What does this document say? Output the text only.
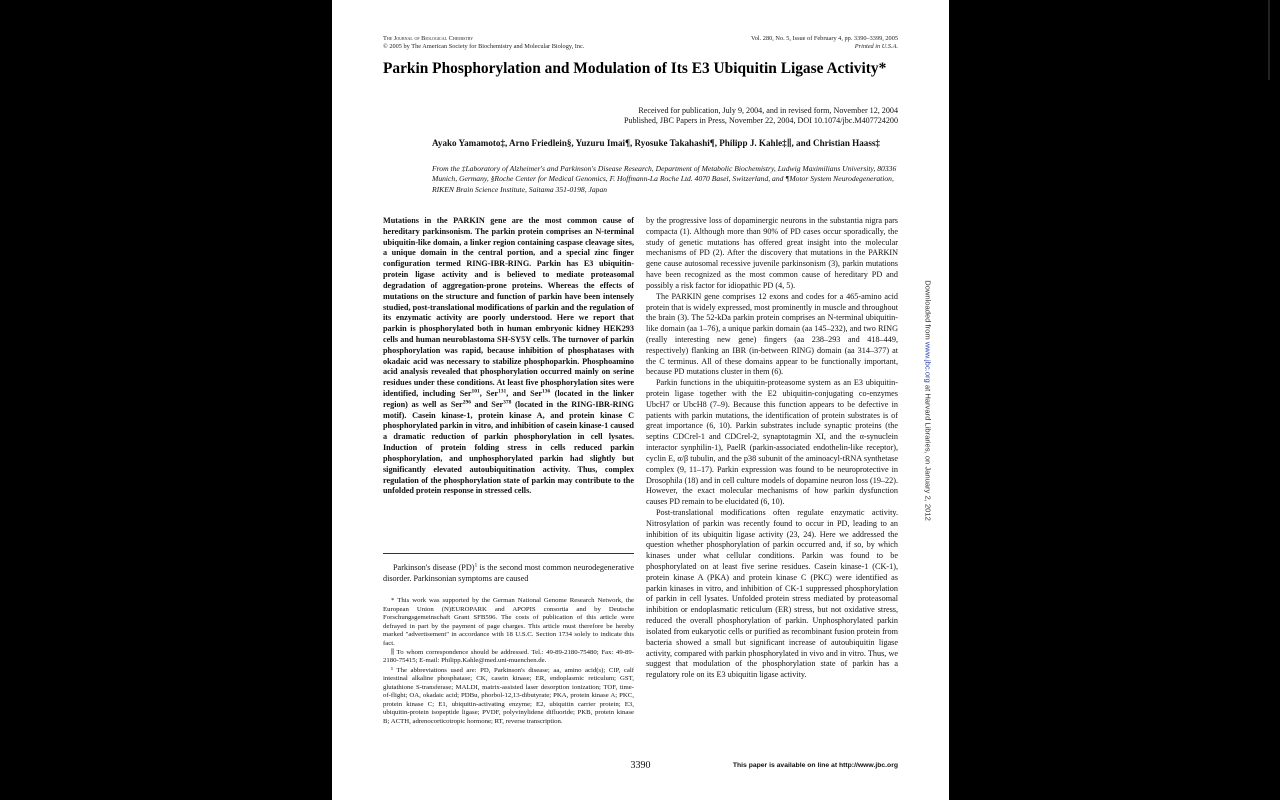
The Journal of Biological Chemistry
© 2005 by The American Society for Biochemistry and Molecular Biology, Inc.
Vol. 280, No. 5, Issue of February 4, pp. 3390–3399, 2005
Printed in U.S.A.
Parkin Phosphorylation and Modulation of Its E3 Ubiquitin Ligase Activity*
Received for publication, July 9, 2004, and in revised form, November 12, 2004
Published, JBC Papers in Press, November 22, 2004, DOI 10.1074/jbc.M407724200
Ayako Yamamoto‡, Arno Friedlein§, Yuzuru Imai¶, Ryosuke Takahashi¶, Philipp J. Kahle‡∥, and Christian Haass‡
From the ‡Laboratory of Alzheimer's and Parkinson's Disease Research, Department of Metabolic Biochemistry, Ludwig Maximilians University, 80336 Munich, Germany, §Roche Center for Medical Genomics, F. Hoffmann-La Roche Ltd. 4070 Basel, Switzerland, and ¶Motor System Neurodegeneration, RIKEN Brain Science Institute, Saitama 351-0198, Japan
Mutations in the PARKIN gene are the most common cause of hereditary parkinsonism. The parkin protein comprises an N-terminal ubiquitin-like domain, a linker region containing caspase cleavage sites, a unique domain in the central portion, and a special zinc finger configuration termed RING-IBR-RING. Parkin has E3 ubiquitin-protein ligase activity and is believed to mediate proteasomal degradation of aggregation-prone proteins. Whereas the effects of mutations on the structure and function of parkin have been intensely studied, post-translational modifications of parkin and the regulation of its enzymatic activity are poorly understood. Here we report that parkin is phosphorylated both in human embryonic kidney HEK293 cells and human neuroblastoma SH-SY5Y cells. The turnover of parkin phosphorylation was rapid, because inhibition of phosphatases with okadaic acid was necessary to stabilize phosphoparkin. Phosphoamino acid analysis revealed that phosphorylation occurred mainly on serine residues under these conditions. At least five phosphorylation sites were identified, including Ser$^{101}$, Ser$^{131}$, and Ser$^{136}$ (located in the linker region) as well as Ser$^{296}$ and Ser$^{378}$ (located in the RING-IBR-RING motif). Casein kinase-1, protein kinase A, and protein kinase C phosphorylated parkin in vitro, and inhibition of casein kinase-1 caused a dramatic reduction of parkin phosphorylation in cell lysates. Induction of protein folding stress in cells reduced parkin phosphorylation, and unphosphorylated parkin had slightly but significantly elevated autoubiquitination activity. Thus, complex regulation of the phosphorylation state of parkin may contribute to the unfolded protein response in stressed cells.
Parkinson's disease (PD)$^1$ is the second most common neurodegenerative disorder. Parkinsonian symptoms are caused

* This work was supported by the German National Genome Research Network, the European Union (N)EUROPARK and APOPIS consortia and by Deutsche Forschungsgemeinschaft Grant SFB596. The costs of publication of this article were defrayed in part by the payment of page charges. This article must therefore be hereby marked "advertisement" in accordance with 18 U.S.C. Section 1734 solely to indicate this fact.

∥ To whom correspondence should be addressed. Tel.: 49-89-2180-75480; Fax: 49-89-2180-75415; E-mail: Philipp.Kahle@med.uni-muenchen.de.

¹ The abbreviations used are: PD, Parkinson's disease; aa, amino acid(s); CIP, calf intestinal alkaline phosphatase; CK, casein kinase; ER, endoplasmic reticulum; GST, glutathione S-transferase; MALDI, matrix-assisted laser desorption ionization; TOF, time-of-flight; OA, okadaic acid; PDBu, phorbol-12,13-dibutyrate; PKA, protein kinase A; PKC, protein kinase C; E1, ubiquitin-activating enzyme; E2, ubiquitin carrier protein; E3, ubiquitin-protein isopeptide ligase; PVDF, polyvinylidene difluoride; PKB, protein kinase B; ACTH, adrenocorticotropic hormone; RT, reverse transcription.

by the progressive loss of dopaminergic neurons in the substantia nigra pars compacta (1). Although more than 90% of PD cases occur sporadically, the study of genetic mutations has offered great insight into the molecular mechanisms of PD (2). After the discovery that mutations in the PARKIN gene cause autosomal recessive juvenile parkinsonism (3), parkin mutations have been recognized as the most common cause of hereditary PD and possibly a risk factor for idiopathic PD (4, 5).

The PARKIN gene comprises 12 exons and codes for a 465-amino acid protein that is widely expressed, most prominently in muscle and throughout the brain (3). The 52-kDa parkin protein comprises an N-terminal ubiquitin-like domain (aa 1–76), a unique parkin domain (aa 145–232), and two RING (really interesting new gene) fingers (aa 238–293 and 418–449, respectively) flanking an IBR (in-between RING) domain (aa 314–377) at the C terminus. All of these domains appear to be functionally important, because PD mutations cluster in them (6).

Parkin functions in the ubiquitin-proteasome system as an E3 ubiquitin-protein ligase together with the E2 ubiquitin-conjugating co-enzymes UbcH7 or UbcH8 (7–9). Because this function appears to be defective in patients with parkin mutations, the identification of protein substrates is of great importance (6, 10). Parkin substrates include synaptic proteins (the septins CDCrel-1 and CDCrel-2, synaptotagmin XI, and the α-synuclein interactor synphilin-1), PaelR (parkin-associated endothelin-like receptor), cyclin E, α/β tubulin, and the p38 subunit of the aminoacyl-tRNA synthetase complex (9, 11–17). Parkin expression was found to be neuroprotective in Drosophila (18) and in cell culture models of dopamine neuron loss (19–22). However, the exact molecular mechanisms of how parkin dysfunction causes PD remain to be elucidated (6, 10).

Post-translational modifications often regulate enzymatic activity. Nitrosylation of parkin was recently found to occur in PD, leading to an inhibition of its ubiquitin ligase activity (23, 24). Here we addressed the question whether phosphorylation of parkin occurred and, if so, by which kinases under what cellular conditions. Parkin was found to be phosphorylated on at least five serine residues. Casein kinase-1 (CK-1), protein kinase A (PKA) and protein kinase C (PKC) were identified as parkin kinases in vitro, and inhibition of CK-1 suppressed phosphorylation of parkin in cell lysates. Unfolded protein stress mediated by proteasomal inhibition or endoplasmatic reticulum (ER) stress, but not oxidative stress, reduced the overall phosphorylation of parkin. Unphosphorylated parkin isolated from eukaryotic cells or purified as recombinant fusion protein from bacteria showed a small but significant increase of autoubiquitin ligase activity, compared with parkin phosphorylated in vivo and in vitro. Thus, we suggest that modulation of the phosphorylation state of parkin has a regulatory role on its E3 ubiquitin ligase activity.

3390	This paper is available on line at http://www.jbc.org
Downloaded from www.jbc.org at Harvard Libraries, on January 2, 2012
